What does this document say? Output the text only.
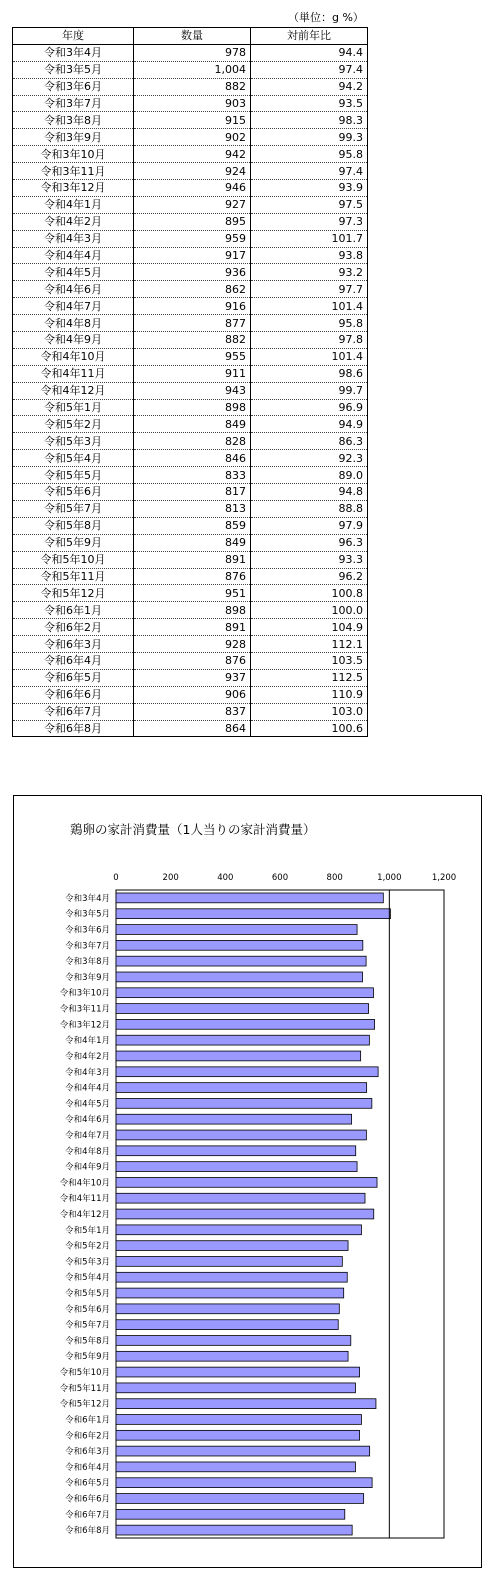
（単位：g %）
年度	数量	対前年比
令和3年4月	978	94.4
令和3年5月	1,004	97.4
令和3年6月	882	94.2
令和3年7月	903	93.5
令和3年8月	915	98.3
令和3年9月	902	99.3
令和3年10月	942	95.8
令和3年11月	924	97.4
令和3年12月	946	93.9
令和4年1月	927	97.5
令和4年2月	895	97.3
令和4年3月	959	101.7
令和4年4月	917	93.8
令和4年5月	936	93.2
令和4年6月	862	97.7
令和4年7月	916	101.4
令和4年8月	877	95.8
令和4年9月	882	97.8
令和4年10月	955	101.4
令和4年11月	911	98.6
令和4年12月	943	99.7
令和5年1月	898	96.9
令和5年2月	849	94.9
令和5年3月	828	86.3
令和5年4月	846	92.3
令和5年5月	833	89.0
令和5年6月	817	94.8
令和5年7月	813	88.8
令和5年8月	859	97.9
令和5年9月	849	96.3
令和5年10月	891	93.3
令和5年11月	876	96.2
令和5年12月	951	100.8
令和6年1月	898	100.0
令和6年2月	891	104.9
令和6年3月	928	112.1
令和6年4月	876	103.5
令和6年5月	937	112.5
令和6年6月	906	110.9
令和6年7月	837	103.0
令和6年8月	864	100.6
鶏卵の家計消費量（1人当りの家計消費量）
0	200	400	600	800	1,000	1,200
令和3年4月
令和3年5月
令和3年6月
令和3年7月
令和3年8月
令和3年9月
令和3年10月
令和3年11月
令和3年12月
令和4年1月
令和4年2月
令和4年3月
令和4年4月
令和4年5月
令和4年6月
令和4年7月
令和4年8月
令和4年9月
令和4年10月
令和4年11月
令和4年12月
令和5年1月
令和5年2月
令和5年3月
令和5年4月
令和5年5月
令和5年6月
令和5年7月
令和5年8月
令和5年9月
令和5年10月
令和5年11月
令和5年12月
令和6年1月
令和6年2月
令和6年3月
令和6年4月
令和6年5月
令和6年6月
令和6年7月
令和6年8月
